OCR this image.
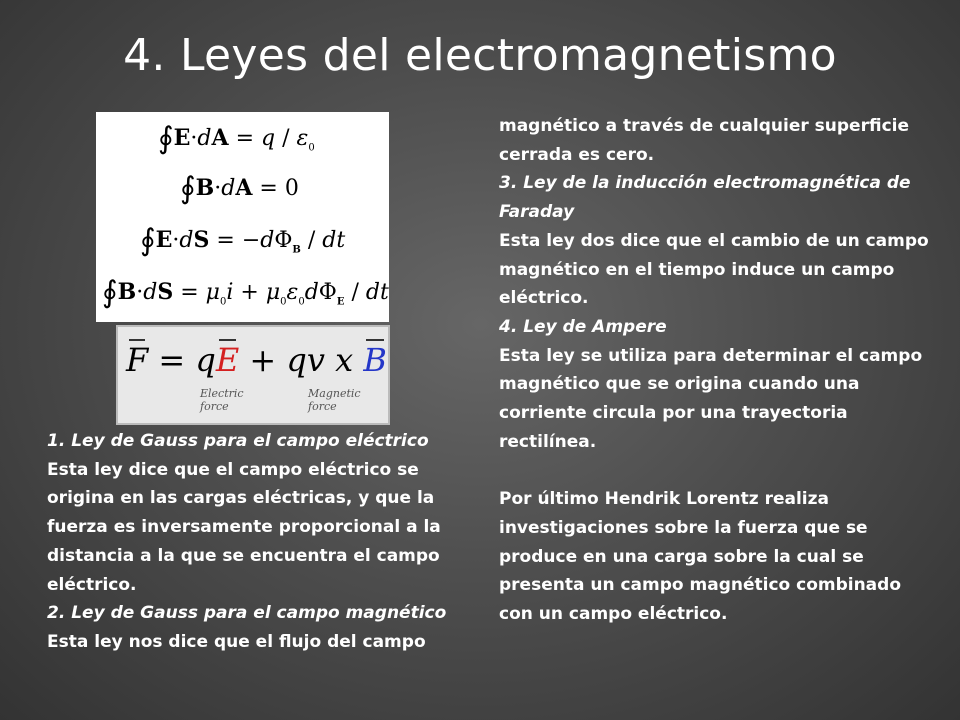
4. Leyes del electromagnetismo
∮E·dA = q / $\varepsilon_0$
∮B·dA = 0
∮E·dS = $-d\Phi_B$ / dt
∮B·dS = $\mu_0i + \mu_0\varepsilon_0d\Phi_E$ / dt
F = qE + qv x B
Electric
force
Magnetic
force
1. Ley de Gauss para el campo eléctrico
Esta ley dice que el campo eléctrico se
origina en las cargas eléctricas, y que la
fuerza es inversamente proporcional a la
distancia a la que se encuentra el campo
eléctrico.
2. Ley de Gauss para el campo magnético
Esta ley nos dice que el flujo del campo
magnético a través de cualquier superficie
cerrada es cero.
3. Ley de la inducción electromagnética de
Faraday
Esta ley dos dice que el cambio de un campo
magnético en el tiempo induce un campo
eléctrico.
4. Ley de Ampere
Esta ley se utiliza para determinar el campo
magnético que se origina cuando una
corriente circula por una trayectoria
rectilínea.
Por último Hendrik Lorentz realiza
investigaciones sobre la fuerza que se
produce en una carga sobre la cual se
presenta un campo magnético combinado
con un campo eléctrico.
